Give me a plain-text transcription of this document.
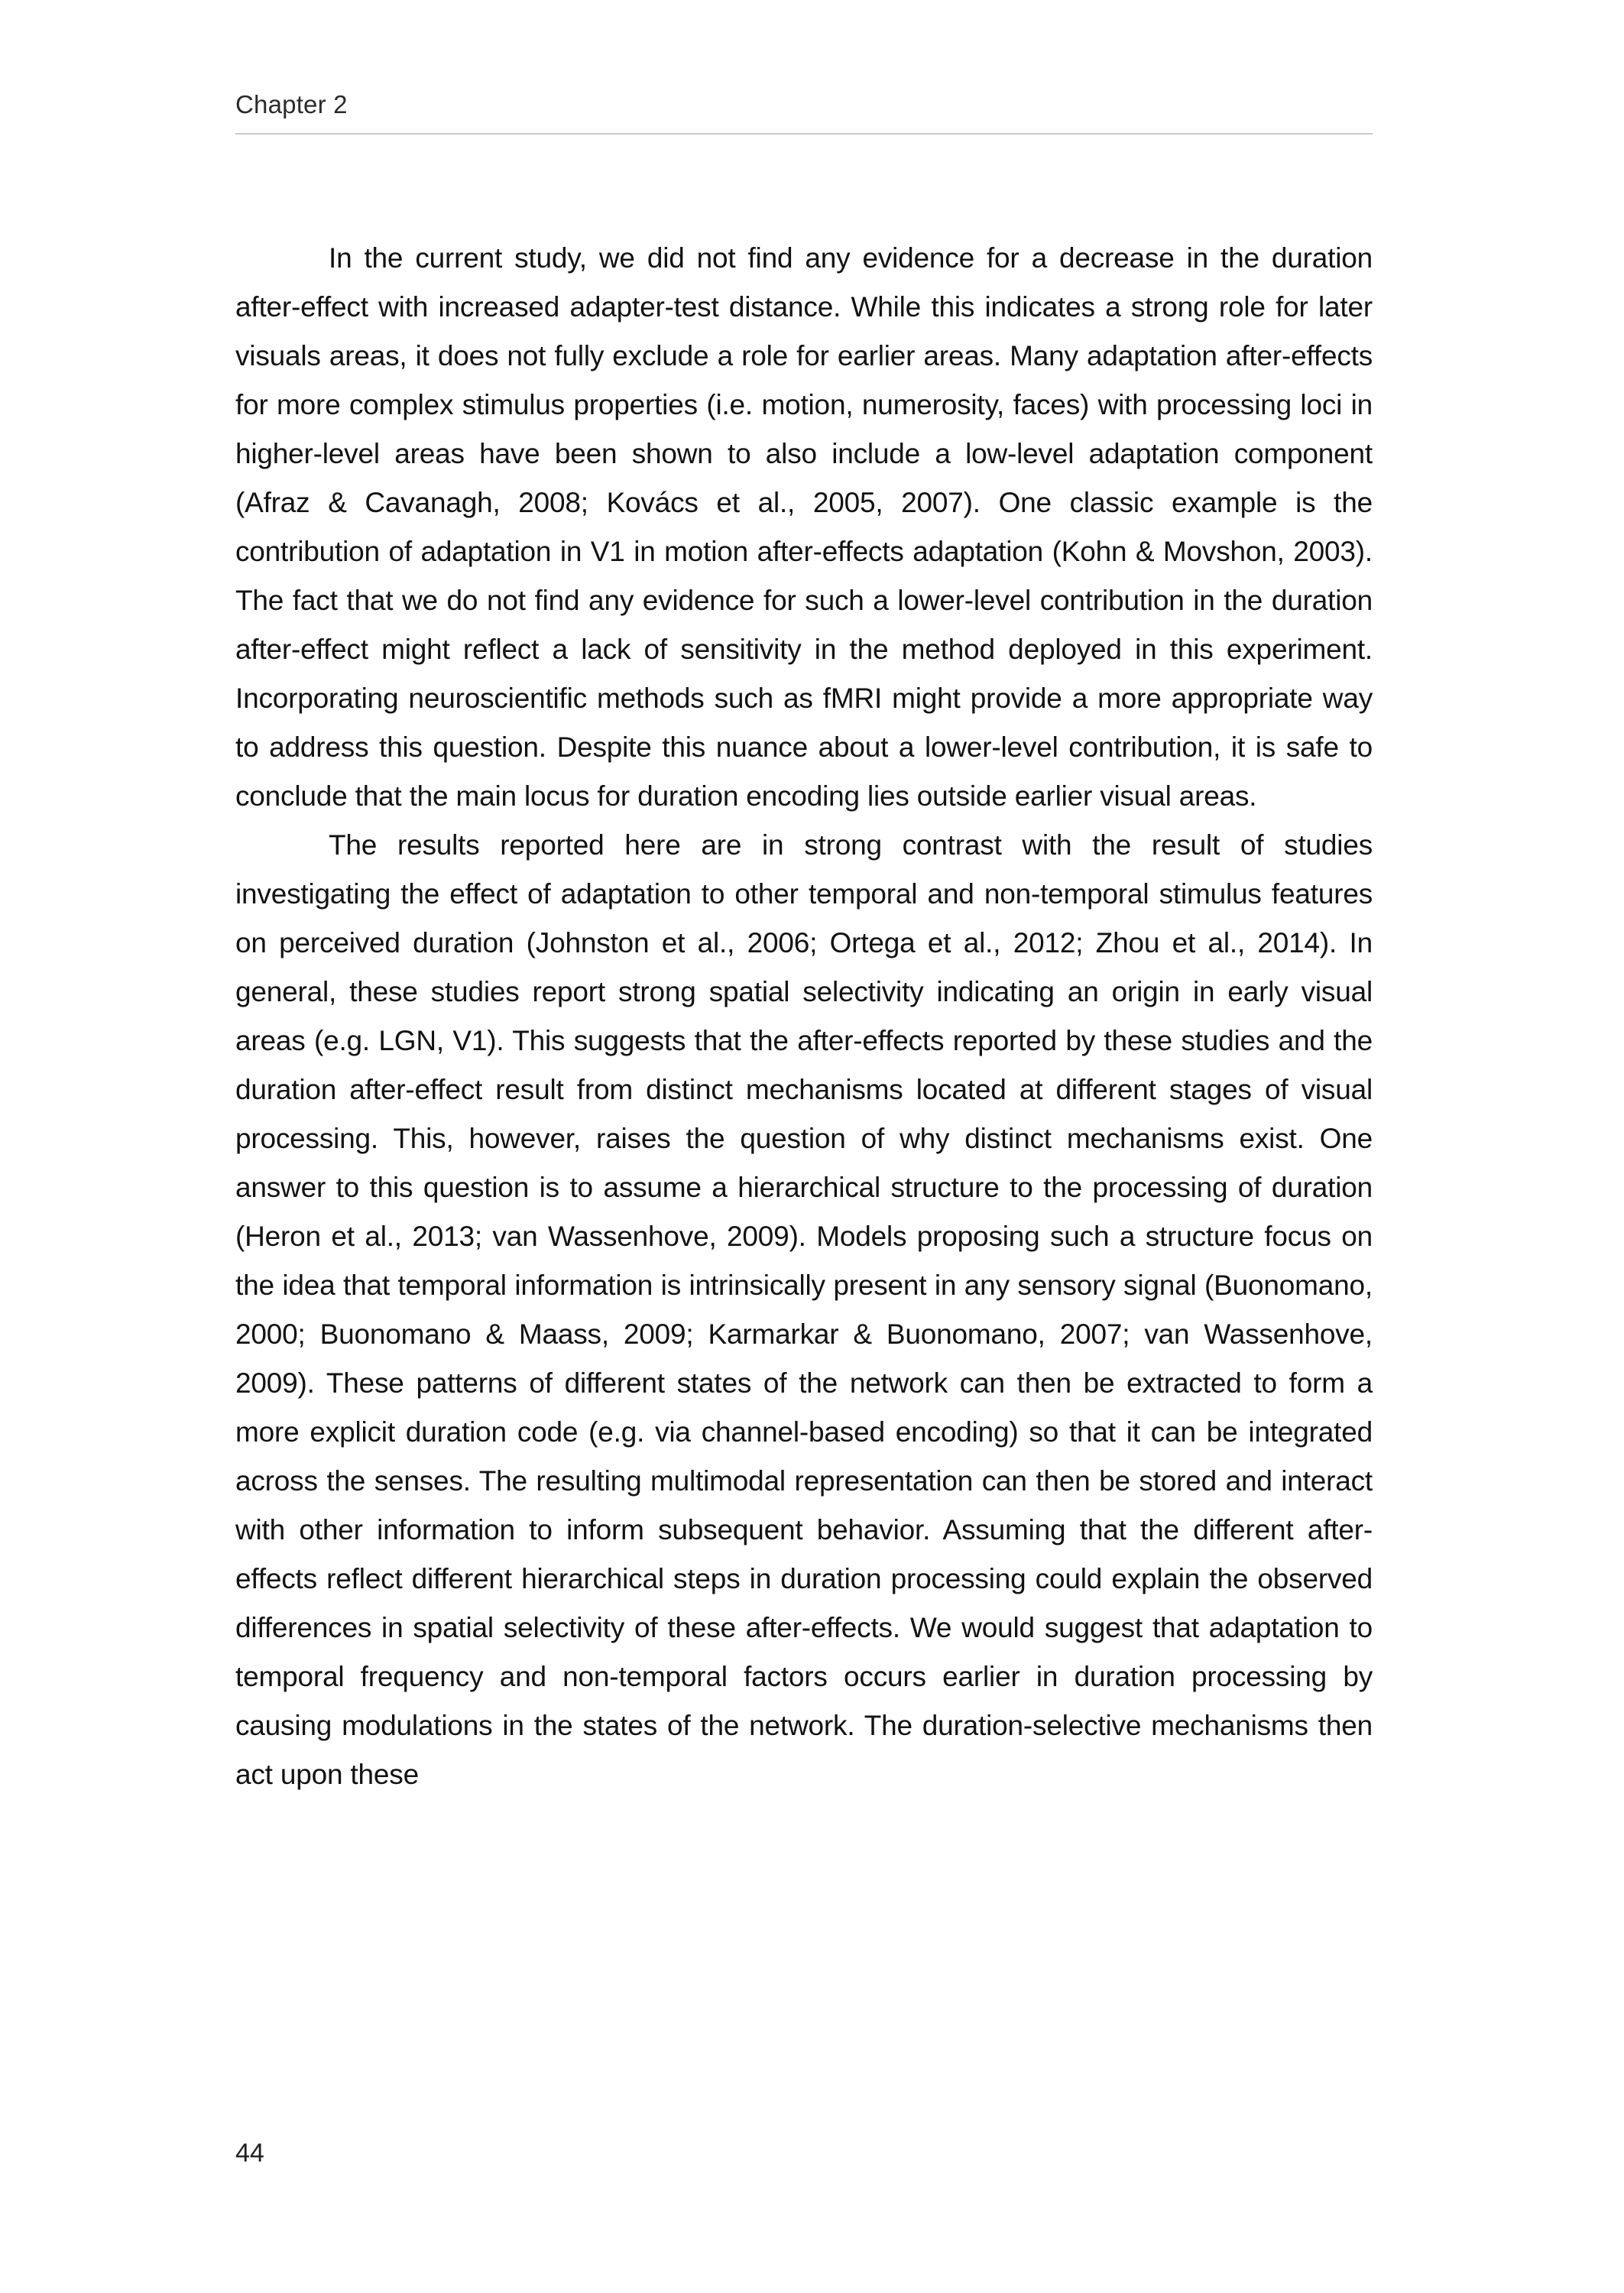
Chapter 2

In the current study, we did not find any evidence for a decrease in the duration after-effect with increased adapter-test distance. While this indicates a strong role for later visuals areas, it does not fully exclude a role for earlier areas. Many adaptation after-effects for more complex stimulus properties (i.e. motion, numerosity, faces) with processing loci in higher-level areas have been shown to also include a low-level adaptation component (Afraz & Cavanagh, 2008; Kovács et al., 2005, 2007). One classic example is the contribution of adaptation in V1 in motion after-effects adaptation (Kohn & Movshon, 2003). The fact that we do not find any evidence for such a lower-level contribution in the duration after-effect might reflect a lack of sensitivity in the method deployed in this experiment. Incorporating neuroscientific methods such as fMRI might provide a more appropriate way to address this question. Despite this nuance about a lower-level contribution, it is safe to conclude that the main locus for duration encoding lies outside earlier visual areas.

The results reported here are in strong contrast with the result of studies investigating the effect of adaptation to other temporal and non-temporal stimulus features on perceived duration (Johnston et al., 2006; Ortega et al., 2012; Zhou et al., 2014). In general, these studies report strong spatial selectivity indicating an origin in early visual areas (e.g. LGN, V1). This suggests that the after-effects reported by these studies and the duration after-effect result from distinct mechanisms located at different stages of visual processing. This, however, raises the question of why distinct mechanisms exist. One answer to this question is to assume a hierarchical structure to the processing of duration (Heron et al., 2013; van Wassenhove, 2009). Models proposing such a structure focus on the idea that temporal information is intrinsically present in any sensory signal (Buonomano, 2000; Buonomano & Maass, 2009; Karmarkar & Buonomano, 2007; van Wassenhove, 2009). These patterns of different states of the network can then be extracted to form a more explicit duration code (e.g. via channel-based encoding) so that it can be integrated across the senses. The resulting multimodal representation can then be stored and interact with other information to inform subsequent behavior. Assuming that the different after-effects reflect different hierarchical steps in duration processing could explain the observed differences in spatial selectivity of these after-effects. We would suggest that adaptation to temporal frequency and non-temporal factors occurs earlier in duration processing by causing modulations in the states of the network. The duration-selective mechanisms then act upon these

44
